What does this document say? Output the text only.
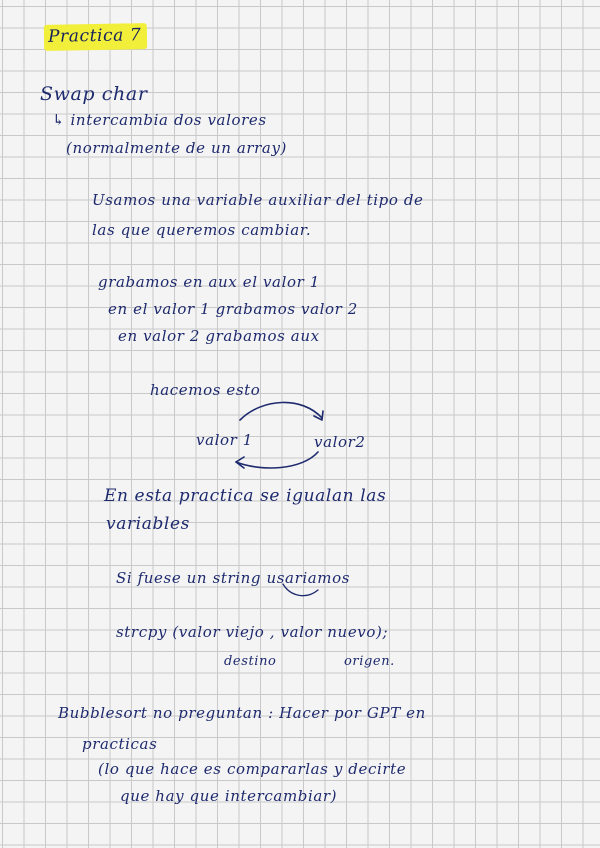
Practica 7
Swap char
↳ intercambia dos valores
(normalmente de un array)
Usamos una variable auxiliar del tipo de
las que queremos cambiar.
grabamos en aux el valor 1
en el valor 1 grabamos valor 2
en valor 2 grabamos aux
hacemos esto
valor 1	valor2
En esta practica se igualan las
variables
Si fuese un string usariamos
strcpy (valor viejo , valor nuevo);
destino	origen.
Bubblesort no preguntan : Hacer por GPT en
practicas
(lo que hace es compararlas y decirte
que hay que intercambiar)
